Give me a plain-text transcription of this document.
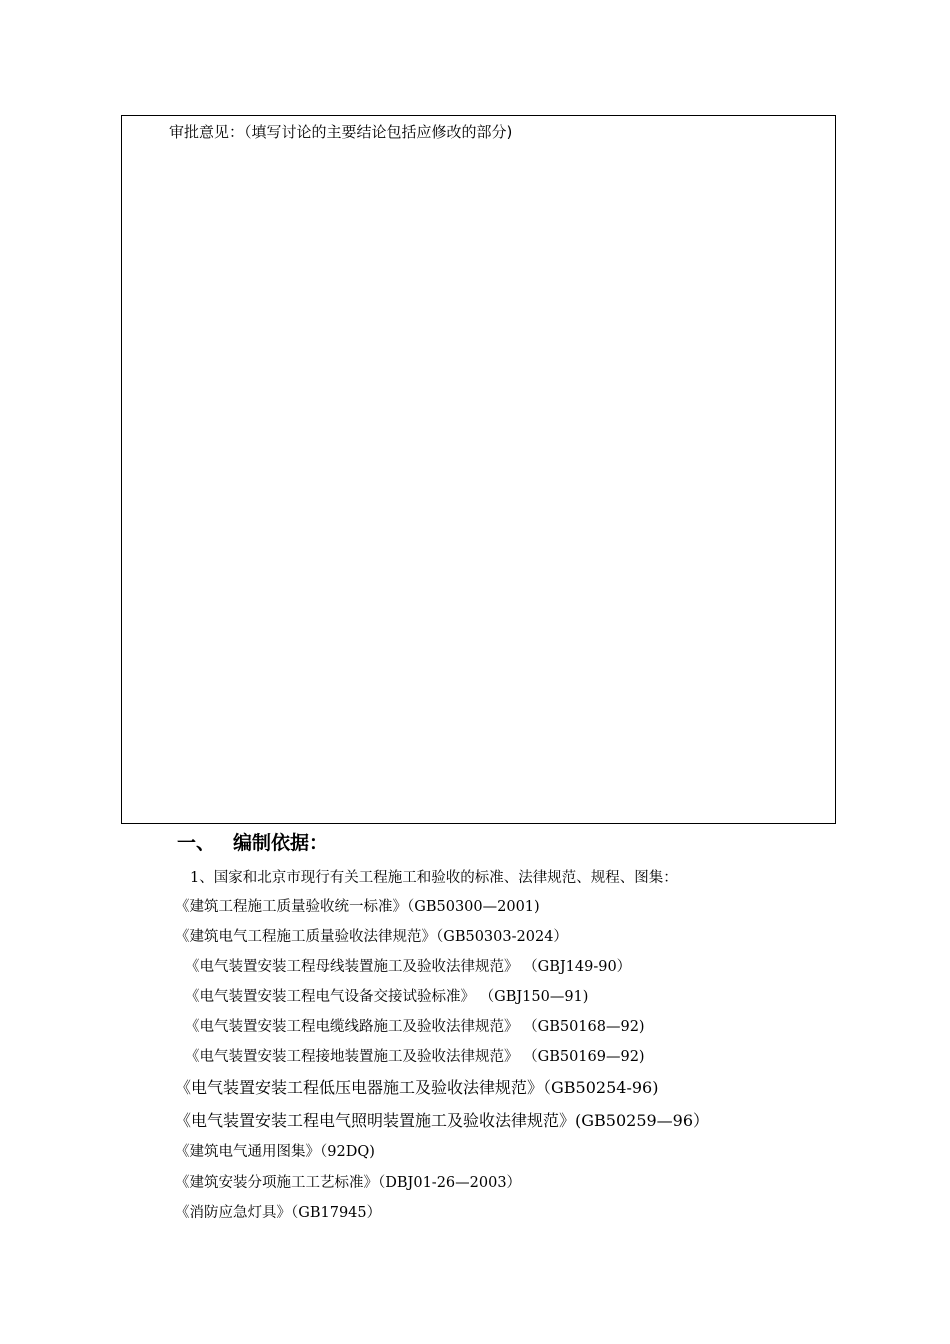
审批意见：（填写讨论的主要结论包括应修改的部分)
一、 编制依据：
1、国家和北京市现行有关工程施工和验收的标准、法律规范、规程、图集：
《建筑工程施工质量验收统一标准》（GB50300—2001)
《建筑电气工程施工质量验收法律规范》（GB50303-2024）
《电气装置安装工程母线装置施工及验收法律规范》 （GBJ149-90）
《电气装置安装工程电气设备交接试验标准》 （GBJ150—91)
《电气装置安装工程电缆线路施工及验收法律规范》 （GB50168—92)
《电气装置安装工程接地装置施工及验收法律规范》 （GB50169—92)
《电气装置安装工程低压电器施工及验收法律规范》（GB50254-96)
《电气装置安装工程电气照明装置施工及验收法律规范》(GB50259—96）
《建筑电气通用图集》（92DQ)
《建筑安装分项施工工艺标准》（DBJ01-26—2003）
《消防应急灯具》（GB17945）
